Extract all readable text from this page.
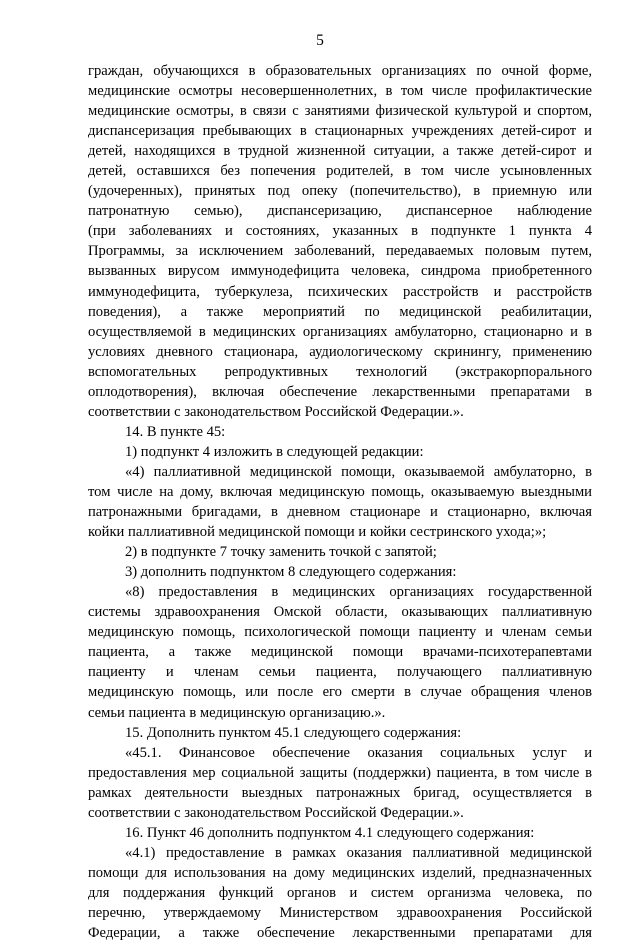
5
граждан, обучающихся в образовательных организациях по очной форме,
медицинские осмотры несовершеннолетних, в том числе профилактические
медицинские осмотры, в связи с занятиями физической культурой и спортом,
диспансеризация пребывающих в стационарных учреждениях детей-сирот и
детей, находящихся в трудной жизненной ситуации, а также детей-сирот и
детей, оставшихся без попечения родителей, в том числе усыновленных
(удочеренных), принятых под опеку (попечительство), в приемную или
патронатную семью), диспансеризацию, диспансерное наблюдение
(при заболеваниях и состояниях, указанных в подпункте 1 пункта 4
Программы, за исключением заболеваний, передаваемых половым путем,
вызванных вирусом иммунодефицита человека, синдрома приобретенного
иммунодефицита, туберкулеза, психических расстройств и расстройств
поведения), а также мероприятий по медицинской реабилитации,
осуществляемой в медицинских организациях амбулаторно, стационарно и в
условиях дневного стационара, аудиологическому скринингу, применению
вспомогательных репродуктивных технологий (экстракорпорального
оплодотворения), включая обеспечение лекарственными препаратами в
соответствии с законодательством Российской Федерации.».
14. В пункте 45:
1) подпункт 4 изложить в следующей редакции:
«4) паллиативной медицинской помощи, оказываемой амбулаторно, в
том числе на дому, включая медицинскую помощь, оказываемую выездными
патронажными бригадами, в дневном стационаре и стационарно, включая
койки паллиативной медицинской помощи и койки сестринского ухода;»;
2) в подпункте 7 точку заменить точкой с запятой;
3) дополнить подпунктом 8 следующего содержания:
«8) предоставления в медицинских организациях государственной
системы здравоохранения Омской области, оказывающих паллиативную
медицинскую помощь, психологической помощи пациенту и членам семьи
пациента, а также медицинской помощи врачами-психотерапевтами
пациенту и членам семьи пациента, получающего паллиативную
медицинскую помощь, или после его смерти в случае обращения членов
семьи пациента в медицинскую организацию.».
15. Дополнить пунктом 45.1 следующего содержания:
«45.1. Финансовое обеспечение оказания социальных услуг и
предоставления мер социальной защиты (поддержки) пациента, в том числе в
рамках деятельности выездных патронажных бригад, осуществляется в
соответствии с законодательством Российской Федерации.».
16. Пункт 46 дополнить подпунктом 4.1 следующего содержания:
«4.1) предоставление в рамках оказания паллиативной медицинской
помощи для использования на дому медицинских изделий, предназначенных
для поддержания функций органов и систем организма человека, по
перечню, утверждаемому Министерством здравоохранения Российской
Федерации, а также обеспечение лекарственными препаратами для
